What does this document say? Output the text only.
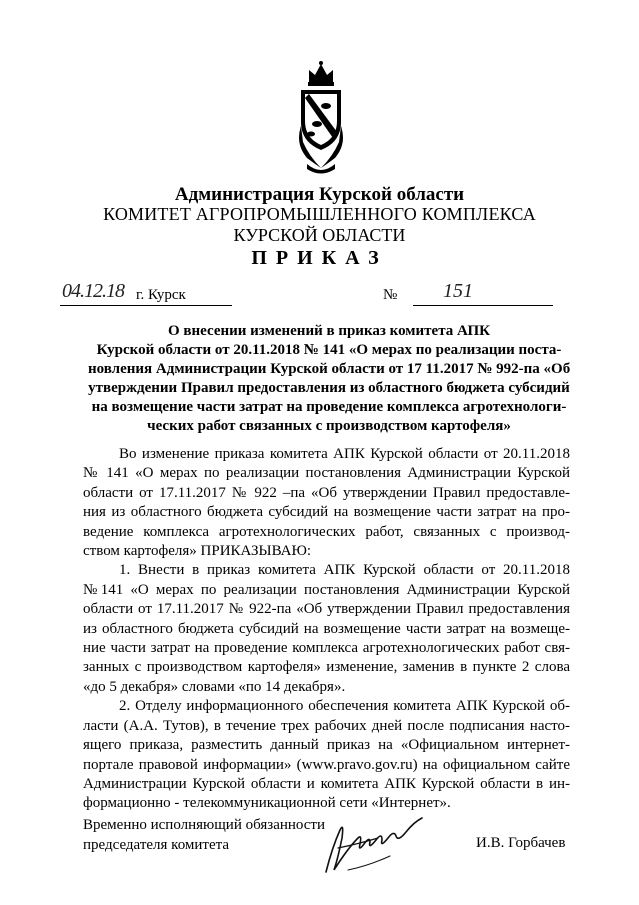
Администрация Курской области
КОМИТЕТ АГРОПРОМЫШЛЕННОГО КОМПЛЕКСА
КУРСКОЙ ОБЛАСТИ
ПРИКАЗ
04.12.18 г. Курск	№ 151
О внесении изменений в приказ комитета АПК
Курской области от 20.11.2018 № 141 «О мерах по реализации поста-
новления Администрации Курской области от 17 11.2017 № 992-па «Об
утверждении Правил предоставления из областного бюджета субсидий
на возмещение части затрат на проведение комплекса агротехнологи-
ческих работ связанных с производством картофеля»
Во изменение приказа комитета АПК Курской области от 20.11.2018
№ 141 «О мерах по реализации постановления Администрации Курской
области от 17.11.2017 № 922 –па «Об утверждении Правил предоставле-
ния из областного бюджета субсидий на возмещение части затрат на про-
ведение комплекса агротехнологических работ, связанных с производ-
ством картофеля» ПРИКАЗЫВАЮ:
1. Внести в приказ комитета АПК Курской области от 20.11.2018
№141 «О мерах по реализации постановления Администрации Курской
области от 17.11.2017 № 922-па «Об утверждении Правил предоставления
из областного бюджета субсидий на возмещение части затрат на возмеще-
ние части затрат на проведение комплекса агротехнологических работ свя-
занных с производством картофеля» изменение, заменив в пункте 2 слова
«до 5 декабря» словами «по 14 декабря».
2. Отделу информационного обеспечения комитета АПК Курской об-
ласти (А.А. Тутов), в течение трех рабочих дней после подписания насто-
ящего приказа, разместить данный приказ на «Официальном интернет-
портале правовой информации» (www.pravo.gov.ru) на официальном сайте
Администрации Курской области и комитета АПК Курской области в ин-
формационно - телекоммуникационной сети «Интернет».
Временно исполняющий обязанности
председателя комитета	И.В. Горбачев
